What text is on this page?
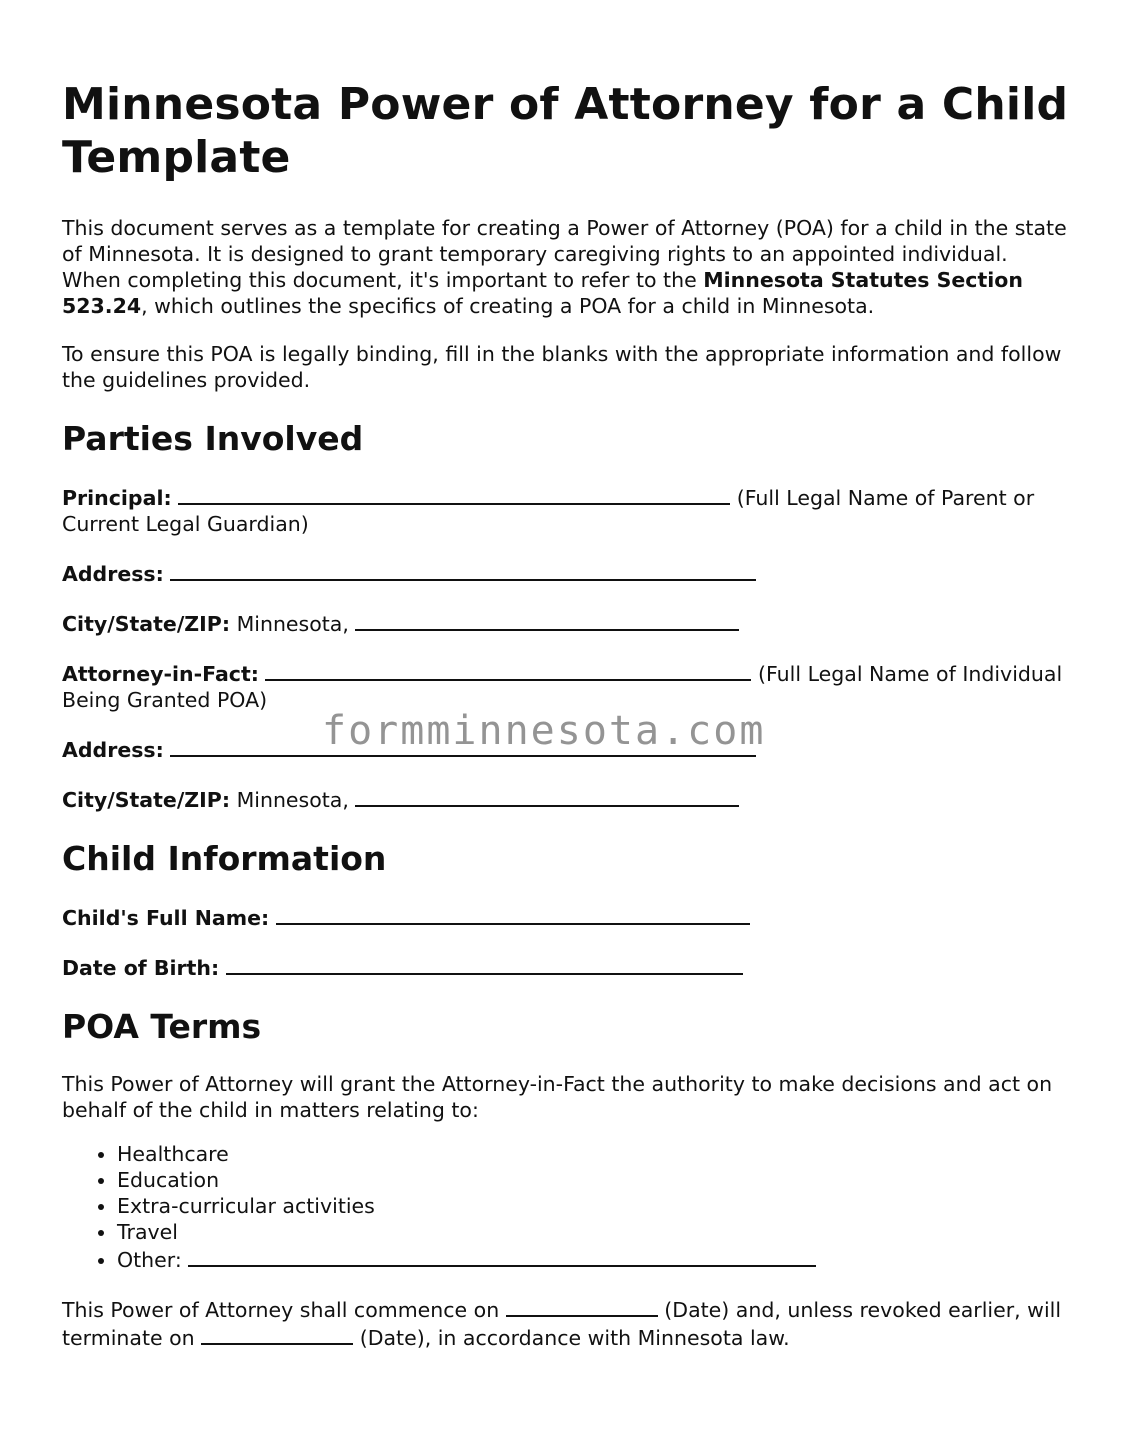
Minnesota Power of Attorney for a Child Template

This document serves as a template for creating a Power of Attorney (POA) for a child in the state of Minnesota. It is designed to grant temporary caregiving rights to an appointed individual. When completing this document, it's important to refer to the Minnesota Statutes Section 523.24, which outlines the specifics of creating a POA for a child in Minnesota.

To ensure this POA is legally binding, fill in the blanks with the appropriate information and follow the guidelines provided.

Parties Involved
Principal:	(Full Legal Name of Parent or Current Legal Guardian)
Address:
City/State/ZIP: Minnesota,
Attorney-in-Fact:	(Full Legal Name of Individual Being Granted POA)
Address:
City/State/ZIP: Minnesota,
Child Information
Child's Full Name:
Date of Birth:
POA Terms

This Power of Attorney will grant the Attorney-in-Fact the authority to make decisions and act on behalf of the child in matters relating to:

• Healthcare
• Education
• Extra-curricular activities
• Travel
• Other:

This Power of Attorney shall commence on	(Date) and, unless revoked earlier, will terminate on	(Date), in accordance with Minnesota law.

formminnesota.com
